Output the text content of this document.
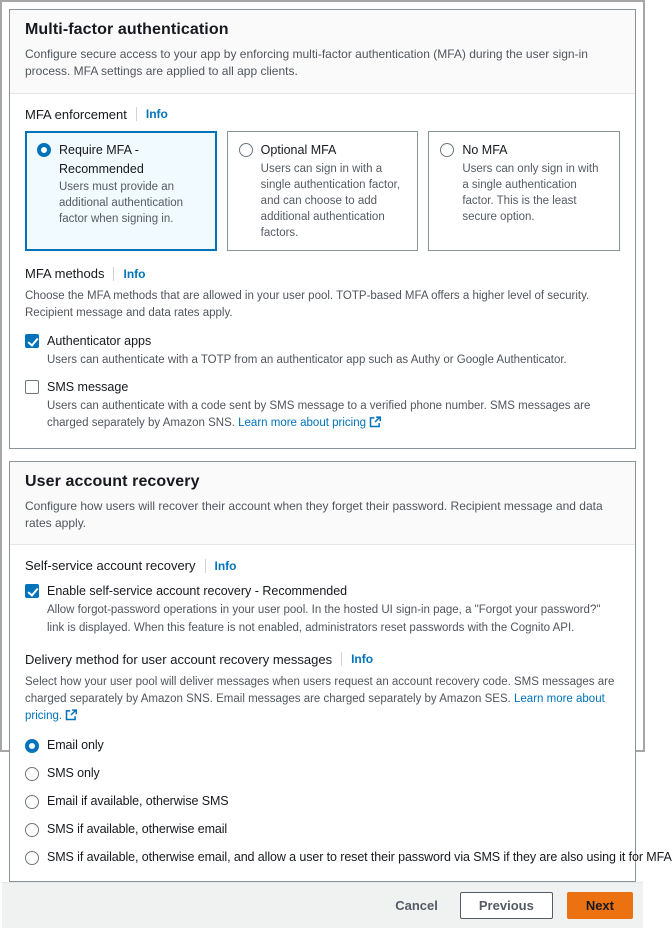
Multi-factor authentication

Configure secure access to your app by enforcing multi-factor authentication (MFA) during the user sign-in process. MFA settings are applied to all app clients.

MFA enforcement Info
Require MFA - Recommended

Users must provide an additional authentication factor when signing in.

Optional MFA

Users can sign in with a single authentication factor, and can choose to add additional authentication factors.

No MFA

Users can only sign in with a single authentication factor. This is the least secure option.

MFA methods Info

Choose the MFA methods that are allowed in your user pool. TOTP-based MFA offers a higher level of security. Recipient message and data rates apply.

Authenticator apps

Users can authenticate with a TOTP from an authenticator app such as Authy or Google Authenticator.

SMS message

Users can authenticate with a code sent by SMS message to a verified phone number. SMS messages are charged separately by Amazon SNS. Learn more about pricing

User account recovery

Configure how users will recover their account when they forget their password. Recipient message and data rates apply.

Self-service account recovery Info
Enable self-service account recovery - Recommended

Allow forgot-password operations in your user pool. In the hosted UI sign-in page, a "Forgot your password?" link is displayed. When this feature is not enabled, administrators reset passwords with the Cognito API.

Delivery method for user account recovery messages Info

Select how your user pool will deliver messages when users request an account recovery code. SMS messages are charged separately by Amazon SNS. Email messages are charged separately by Amazon SES. Learn more about pricing.

Email only
SMS only
Email if available, otherwise SMS
SMS if available, otherwise email
SMS if available, otherwise email, and allow a user to reset their password via SMS if they are also using it for MFA
Cancel	Previous	Next
